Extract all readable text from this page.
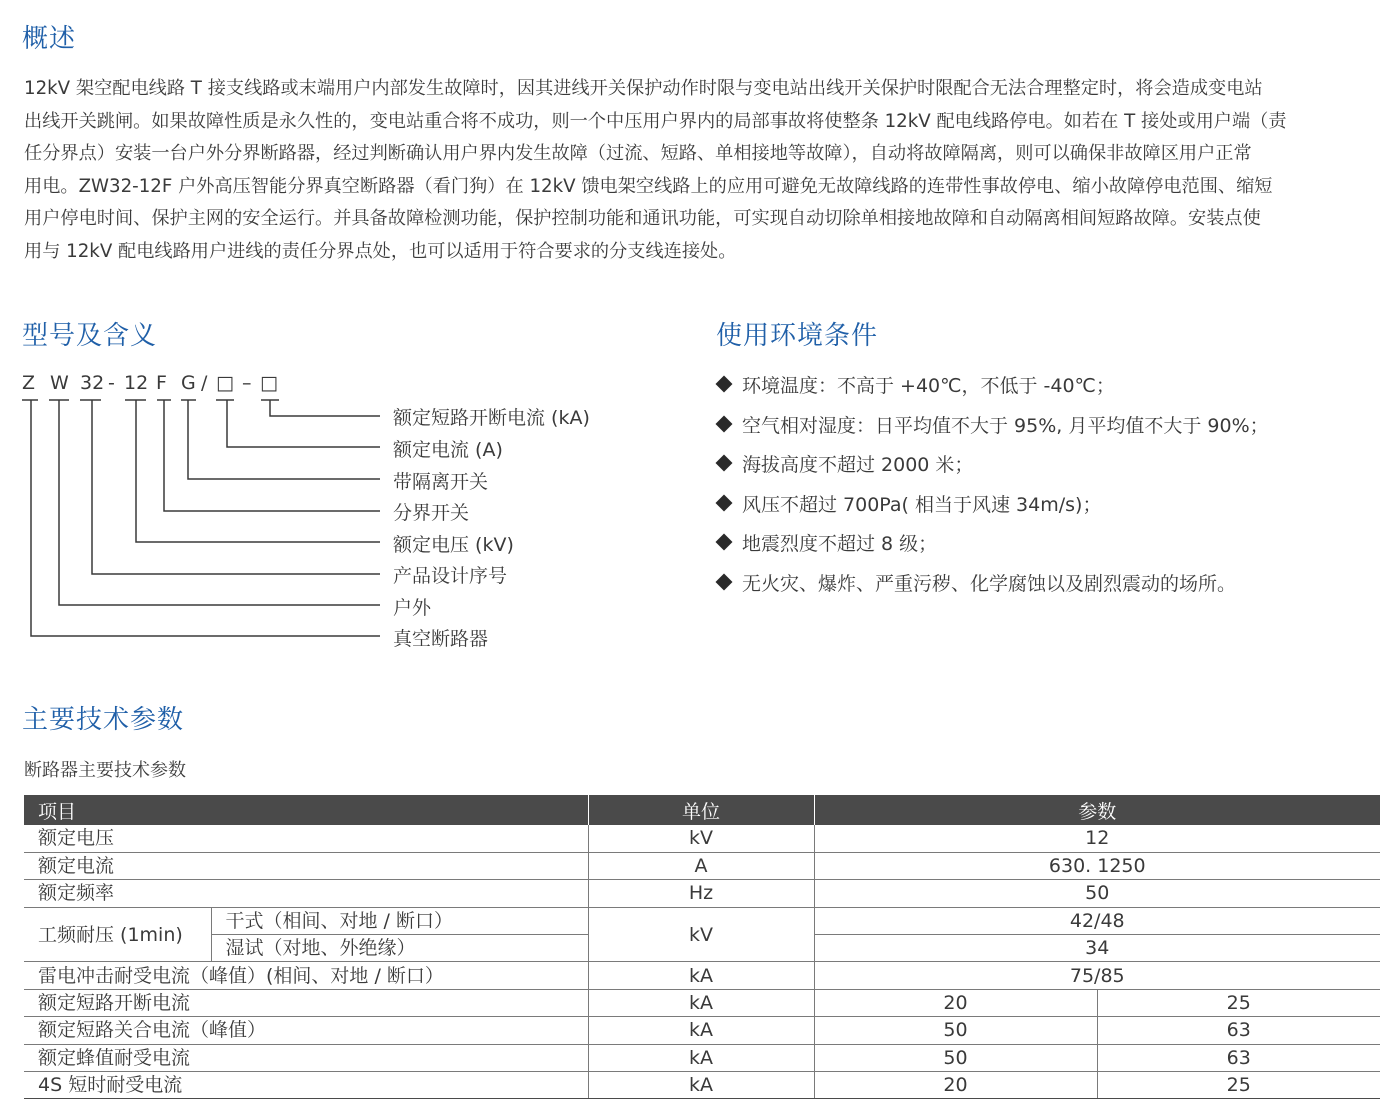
概述
12kV 架空配电线路 T 接支线路或末端用户内部发生故障时，因其进线开关保护动作时限与变电站出线开关保护时限配合无法合理整定时，将会造成变电站
出线开关跳闸。如果故障性质是永久性的，变电站重合将不成功，则一个中压用户界内的局部事故将使整条 12kV 配电线路停电。如若在 T 接处或用户端（责
任分界点）安装一台户外分界断路器，经过判断确认用户界内发生故障（过流、短路、单相接地等故障），自动将故障隔离，则可以确保非故障区用户正常
用电。ZW32-12F 户外高压智能分界真空断路器（看门狗）在 12kV 馈电架空线路上的应用可避免无故障线路的连带性事故停电、缩小故障停电范围、缩短
用户停电时间、保护主网的安全运行。并具备故障检测功能，保护控制功能和通讯功能，可实现自动切除单相接地故障和自动隔离相间短路故障。安装点使
用与 12kV 配电线路用户进线的责任分界点处，也可以适用于符合要求的分支线连接处。
型号及含义
Z W 32 - 12 F G / □ – □
额定短路开断电流 (kA)
额定电流 (A)
带隔离开关
分界开关
额定电压 (kV)
产品设计序号
户外
真空断路器
使用环境条件
环境温度：不高于 +40℃，不低于 -40℃；
空气相对湿度：日平均值不大于 95%, 月平均值不大于 90%；
海拔高度不超过 2000 米；
风压不超过 700Pa( 相当于风速 34m/s)；
地震烈度不超过 8 级；
无火灾、爆炸、严重污秽、化学腐蚀以及剧烈震动的场所。
主要技术参数
断路器主要技术参数
项目		单位	参数	
额定电压		kV	12	
额定电流		A	630. 1250	
额定频率		Hz	50	
工频耐压 (1min)	干式（相间、对地 / 断口）	kV	42/48	
	湿试（对地、外绝缘）		34	
雷电冲击耐受电流（峰值）(相间、对地 / 断口）		kA	75/85	
额定短路开断电流		kA	20	25
额定短路关合电流（峰值）		kA	50	63
额定蜂值耐受电流		kA	50	63
4S 短时耐受电流		kA	20	25
